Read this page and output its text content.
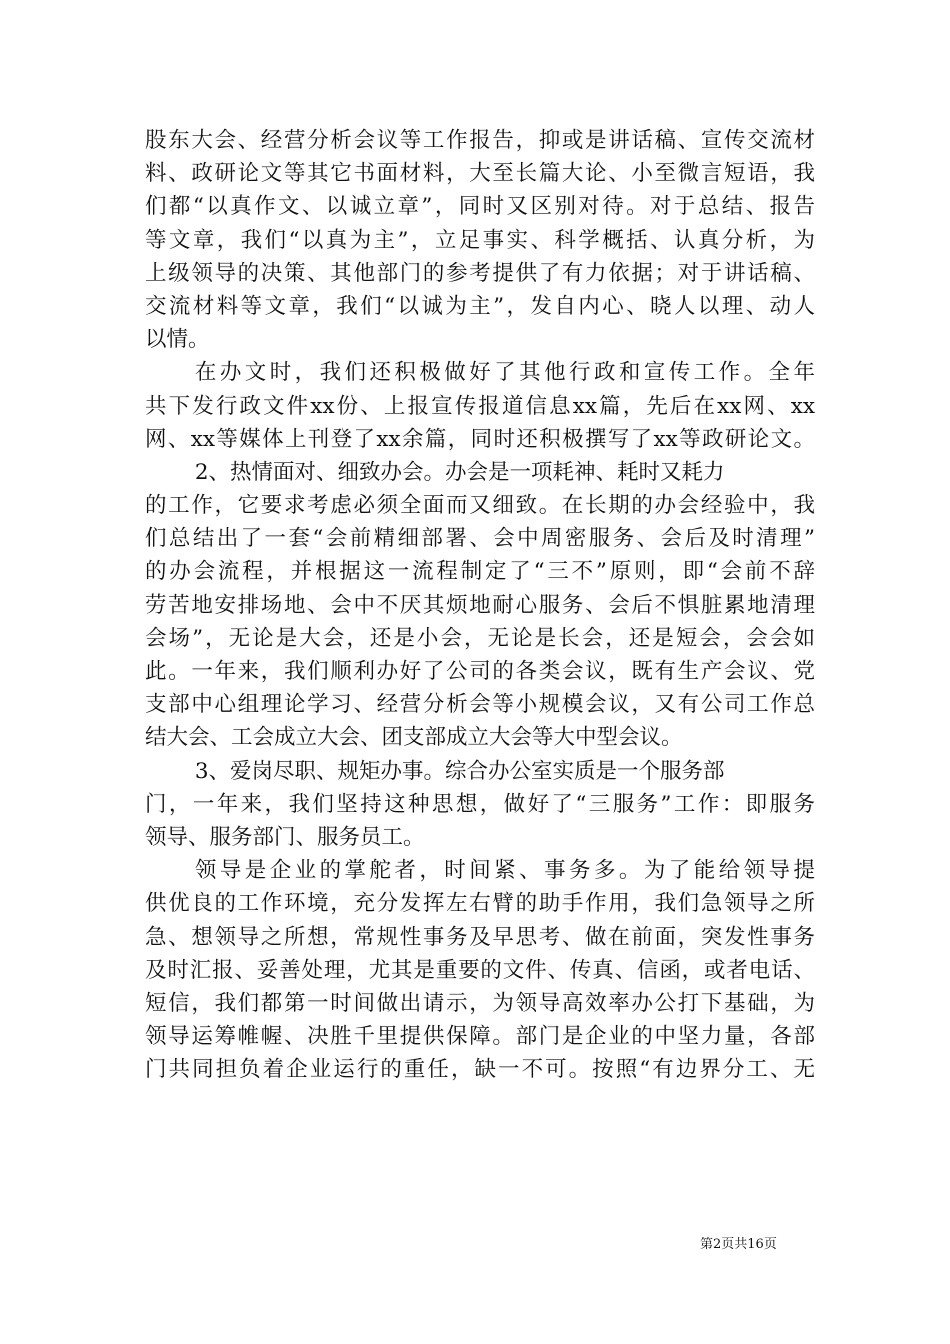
股东大会、经营分析会议等工作报告，抑或是讲话稿、宣传交流材
料、政研论文等其它书面材料，大至长篇大论、小至微言短语，我
们都“以真作文、以诚立章”，同时又区别对待。对于总结、报告
等文章，我们“以真为主”，立足事实、科学概括、认真分析，为
上级领导的决策、其他部门的参考提供了有力依据；对于讲话稿、
交流材料等文章，我们“以诚为主”，发自内心、晓人以理、动人
以情。
　　在办文时，我们还积极做好了其他行政和宣传工作。全年
共下发行政文件xx份、上报宣传报道信息xx篇，先后在xx网、xx
网、xx等媒体上刊登了xx余篇，同时还积极撰写了xx等政研论文。
　　 2、热情面对、细致办会。办会是一项耗神、耗时又耗力
的工作，它要求考虑必须全面而又细致。在长期的办会经验中，我
们总结出了一套“会前精细部署、会中周密服务、会后及时清理”
的办会流程，并根据这一流程制定了“三不”原则，即“会前不辞
劳苦地安排场地、会中不厌其烦地耐心服务、会后不惧脏累地清理
会场”，无论是大会，还是小会，无论是长会，还是短会，会会如
此。一年来，我们顺利办好了公司的各类会议，既有生产会议、党
支部中心组理论学习、经营分析会等小规模会议，又有公司工作总
结大会、工会成立大会、团支部成立大会等大中型会议。
　　 3、爱岗尽职、规矩办事。综合办公室实质是一个服务部
门，一年来，我们坚持这种思想，做好了“三服务”工作：即服务
领导、服务部门、服务员工。
　　领导是企业的掌舵者，时间紧、事务多。为了能给领导提
供优良的工作环境，充分发挥左右臂的助手作用，我们急领导之所
急、想领导之所想，常规性事务及早思考、做在前面，突发性事务
及时汇报、妥善处理，尤其是重要的文件、传真、信函，或者电话、
短信，我们都第一时间做出请示，为领导高效率办公打下基础，为
领导运筹帷幄、决胜千里提供保障。部门是企业的中坚力量，各部
门共同担负着企业运行的重任，缺一不可。按照“有边界分工、无
第2页共16页
